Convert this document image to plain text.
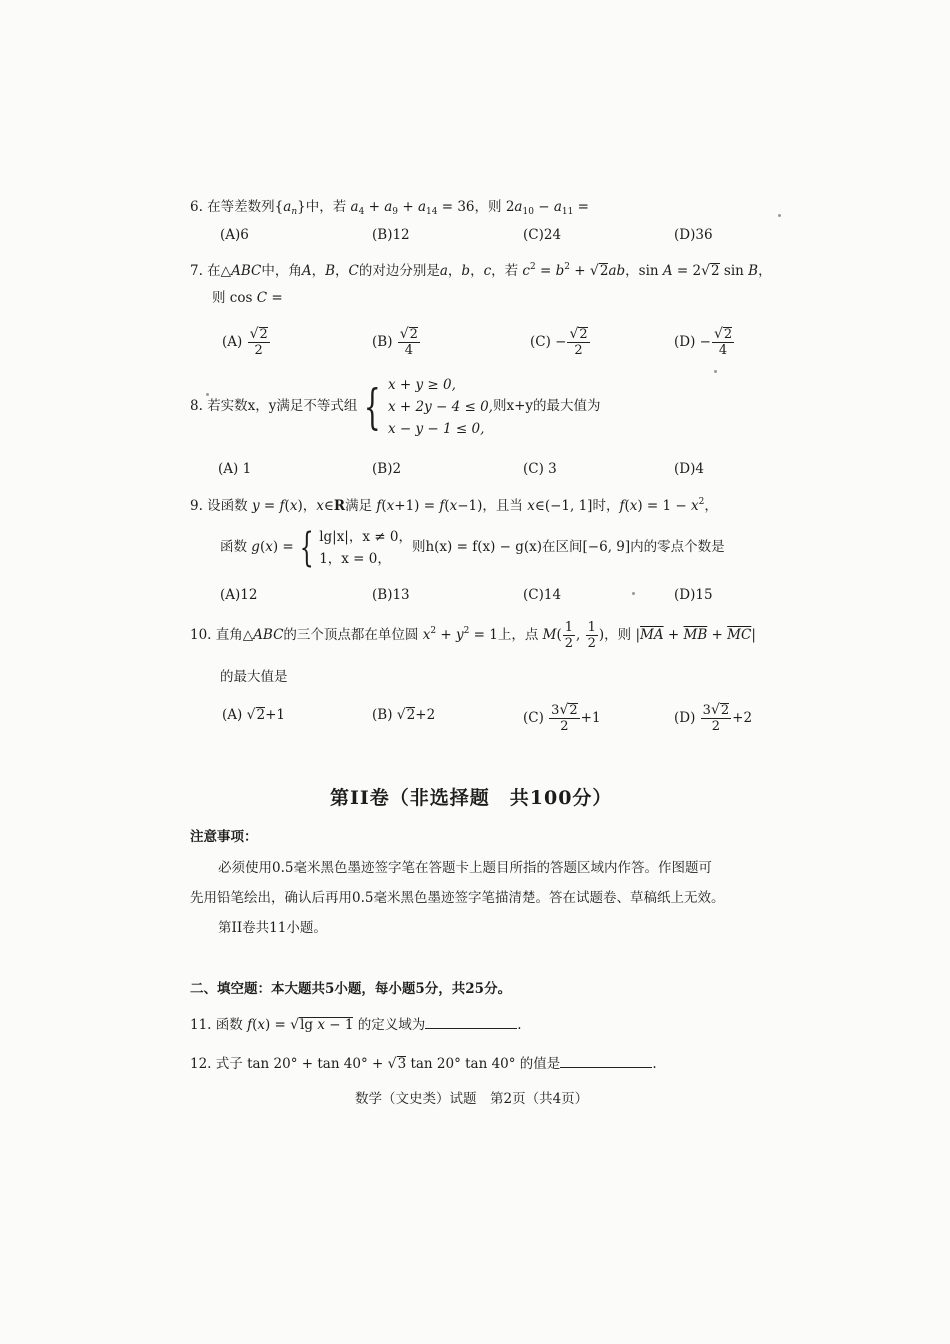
6. 在等差数列$\{a_n\}$中，若 $a_4 + a_9 + a_{14} = 36$，则 $2a_{10} - a_{11}$ =
(A)6	(B)12	(C)24	(D)36
7. 在△ABC中，角A，B，C的对边分别是a，b，c，若 $c^2 = b^2 + √2ab$，sin A = 2√2 sin B，
则 cos C =
$(A) \frac{√2}{2}$	$(B) \frac{√2}{4}$	$(C) - \frac{√2}{2}$	$(D) - \frac{√2}{4}$
8. 若实数x，y满足不等式组 { x + y ≥ 0,
x + 2y − 4 ≤ 0,
x − y − 1 ≤ 0,
则x+y的最大值为
(A) 1	(B)2	(C) 3	(D)4
9. 设函数 y = f(x)，x∈R满足 f(x+1) = f(x−1)，且当 x∈(−1, 1]时，$f(x) = 1 - x^2$，
函数 g(x) = { lg|x|，x ≠ 0，
1，x = 0，
则h(x) = f(x) − g(x)在区间[−6, 9]内的零点个数是
(A)12	(B)13	(C)14	(D)15
10. 直角△ABC的三个顶点都在单位圆 $x^2 + y^2 = 1$上，点 $M( \frac{1}{2}$ , $\frac{1}{2}$ )，则 $|\overline{MA} + \overline{MB} + \overline{MC}|$
的最大值是
(A) √2+1	(B) √2+2	$(C) \frac{3√2}{2} +1$	$(D) \frac{3√2}{2} +2$
第II卷（非选择题　共100分）
注意事项：
必须使用0.5毫米黑色墨迹签字笔在答题卡上题目所指的答题区域内作答。作图题可
先用铅笔绘出，确认后再用0.5毫米黑色墨迹签字笔描清楚。答在试题卷、草稿纸上无效。
第II卷共11小题。
二、填空题：本大题共5小题，每小题5分，共25分。
11. 函数 f(x) = √lg x − 1 的定义域为	.
12. 式子 tan 20° + tan 40° + √3 tan 20° tan 40° 的值是	.
数学（文史类）试题　第2页（共4页）
